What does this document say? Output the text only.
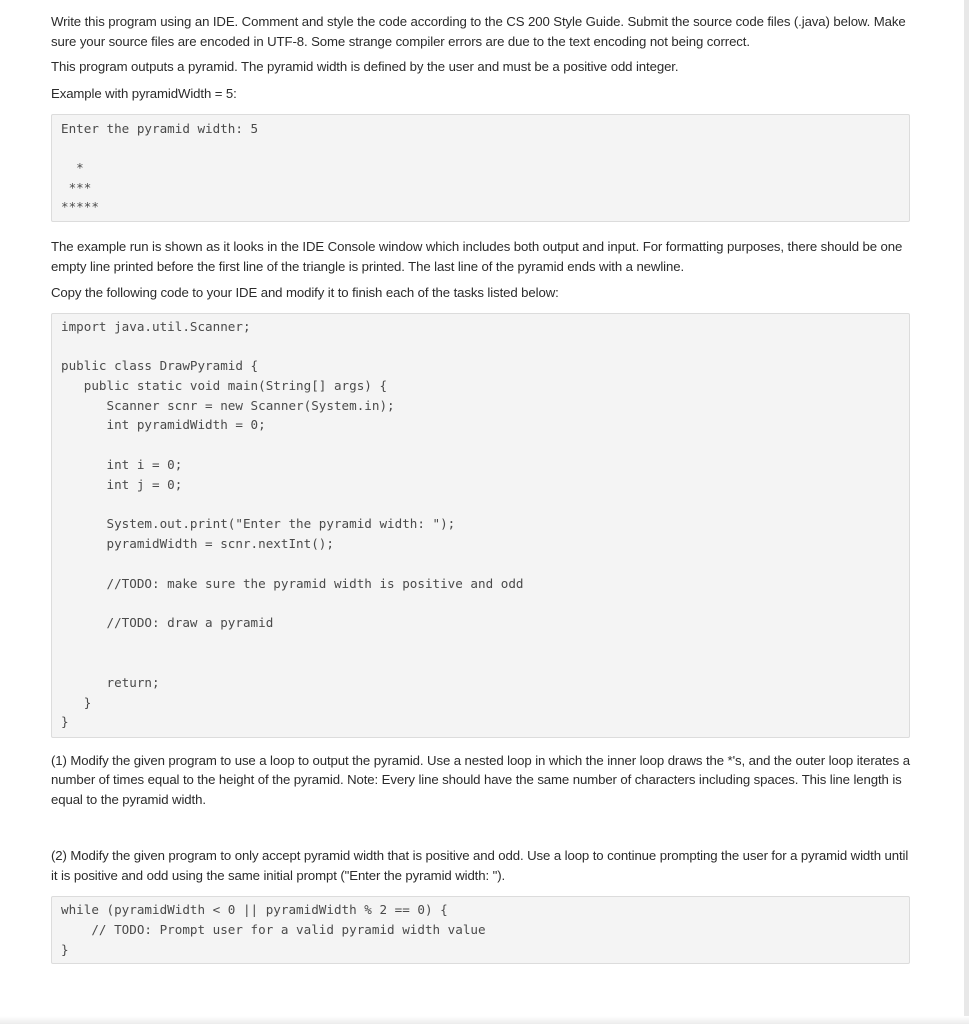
Write this program using an IDE. Comment and style the code according to the CS 200 Style Guide. Submit the source code files (.java) below. Make sure your source files are encoded in UTF-8. Some strange compiler errors are due to the text encoding not being correct.

This program outputs a pyramid. The pyramid width is defined by the user and must be a positive odd integer.

Example with pyramidWidth = 5:

Enter the pyramid width: 5

*
***
*****

The example run is shown as it looks in the IDE Console window which includes both output and input. For formatting purposes, there should be one empty line printed before the first line of the triangle is printed. The last line of the pyramid ends with a newline.

Copy the following code to your IDE and modify it to finish each of the tasks listed below:

import java.util.Scanner;

public class DrawPyramid {
public static void main(String[] args) {
Scanner scnr = new Scanner(System.in);
int pyramidWidth = 0;

int i = 0;
int j = 0;

System.out.print("Enter the pyramid width: ");
pyramidWidth = scnr.nextInt();

//TODO: make sure the pyramid width is positive and odd

//TODO: draw a pyramid

return;
}
}

(1) Modify the given program to use a loop to output the pyramid. Use a nested loop in which the inner loop draws the *'s, and the outer loop iterates a number of times equal to the height of the pyramid. Note: Every line should have the same number of characters including spaces. This line length is equal to the pyramid width.

(2) Modify the given program to only accept pyramid width that is positive and odd. Use a loop to continue prompting the user for a pyramid width until it is positive and odd using the same initial prompt ("Enter the pyramid width: ").

while (pyramidWidth < 0 || pyramidWidth % 2 == 0) {
// TODO: Prompt user for a valid pyramid width value
}
